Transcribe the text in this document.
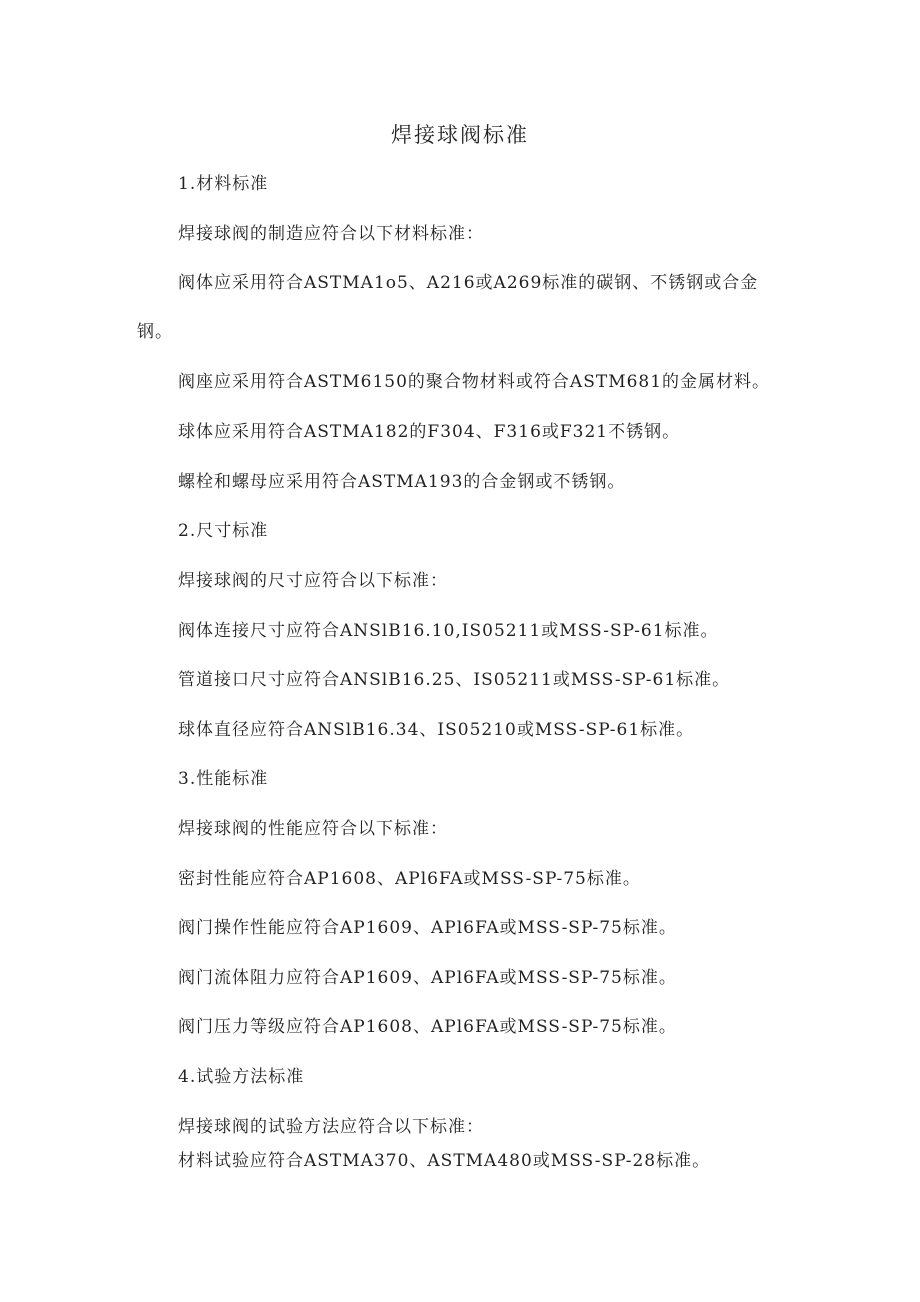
焊接球阀标准
1.材料标准
焊接球阀的制造应符合以下材料标准：
阀体应采用符合ASTMA1o5、A216或A269标准的碳钢、不锈钢或合金
钢。
阀座应采用符合ASTM6150的聚合物材料或符合ASTM681的金属材料。
球体应采用符合ASTMA182的F304、F316或F321不锈钢。
螺栓和螺母应采用符合ASTMA193的合金钢或不锈钢。
2.尺寸标准
焊接球阀的尺寸应符合以下标准：
阀体连接尺寸应符合ANSlB16.10,IS05211或MSS-SP-61标准。
管道接口尺寸应符合ANSlB16.25、IS05211或MSS-SP-61标准。
球体直径应符合ANSlB16.34、IS05210或MSS-SP-61标准。
3.性能标准
焊接球阀的性能应符合以下标准：
密封性能应符合AP1608、APl6FA或MSS-SP-75标准。
阀门操作性能应符合AP1609、APl6FA或MSS-SP-75标准。
阀门流体阻力应符合AP1609、APl6FA或MSS-SP-75标准。
阀门压力等级应符合AP1608、APl6FA或MSS-SP-75标准。
4.试验方法标准
焊接球阀的试验方法应符合以下标准：
材料试验应符合ASTMA370、ASTMA480或MSS-SP-28标准。
